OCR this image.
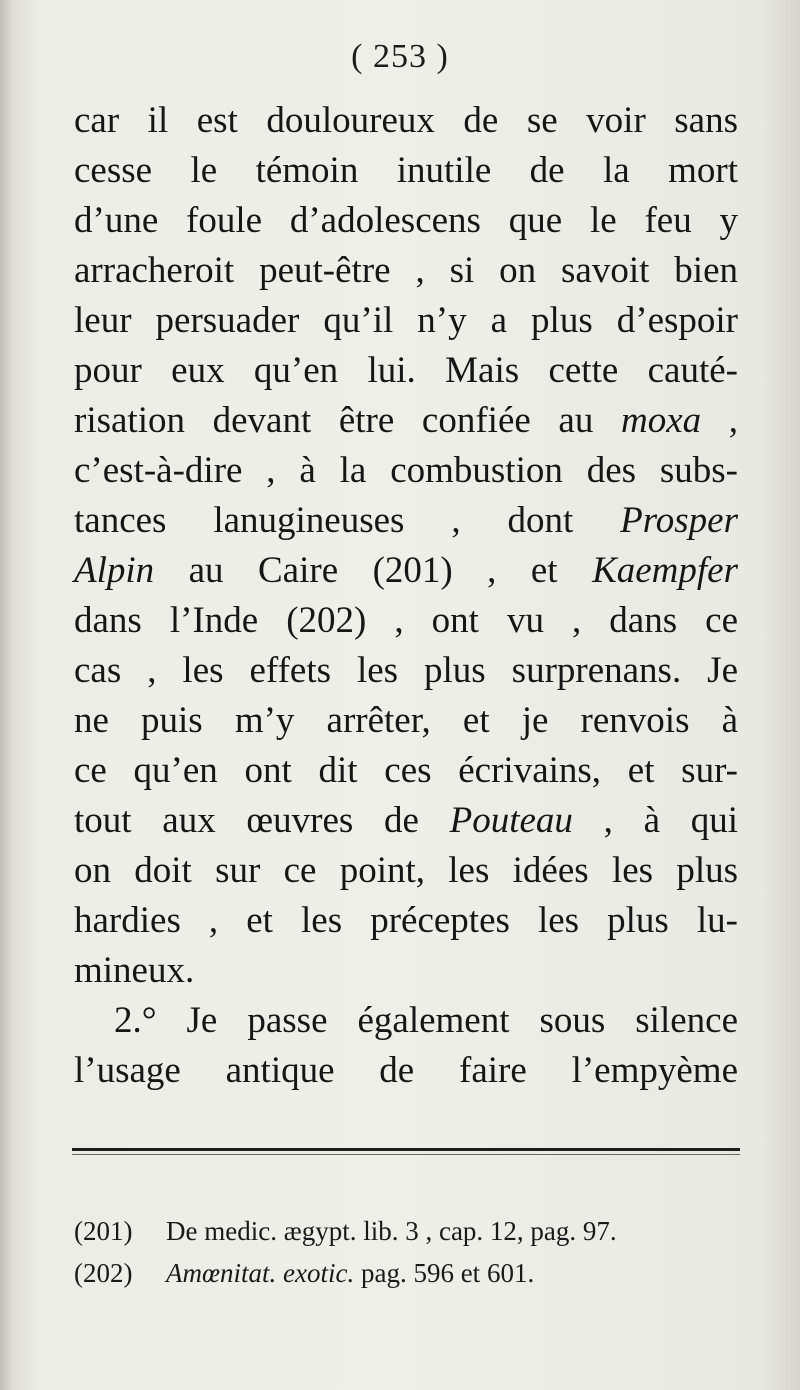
( 253 )
car il est douloureux de se voir sans
cesse le témoin inutile de la mort
d’une foule d’adolescens que le feu y
arracheroit peut-être , si on savoit bien
leur persuader qu’il n’y a plus d’espoir
pour eux qu’en lui. Mais cette cauté-
risation devant être confiée au moxa ,
c’est-à-dire , à la combustion des subs-
tances lanugineuses , dont Prosper
Alpin au Caire (201) , et Kaempfer
dans l’Inde (202) , ont vu , dans ce
cas , les effets les plus surprenans. Je
ne puis m’y arrêter, et je renvois à
ce qu’en ont dit ces écrivains, et sur-
tout aux œuvres de Pouteau , à qui
on doit sur ce point, les idées les plus
hardies , et les préceptes les plus lu-
mineux.
2.° Je passe également sous silence
l’usage antique de faire l’empyème
(201) De medic. ægypt. lib. 3 , cap. 12, pag. 97.
(202) Amœnitat. exotic. pag. 596 et 601.
